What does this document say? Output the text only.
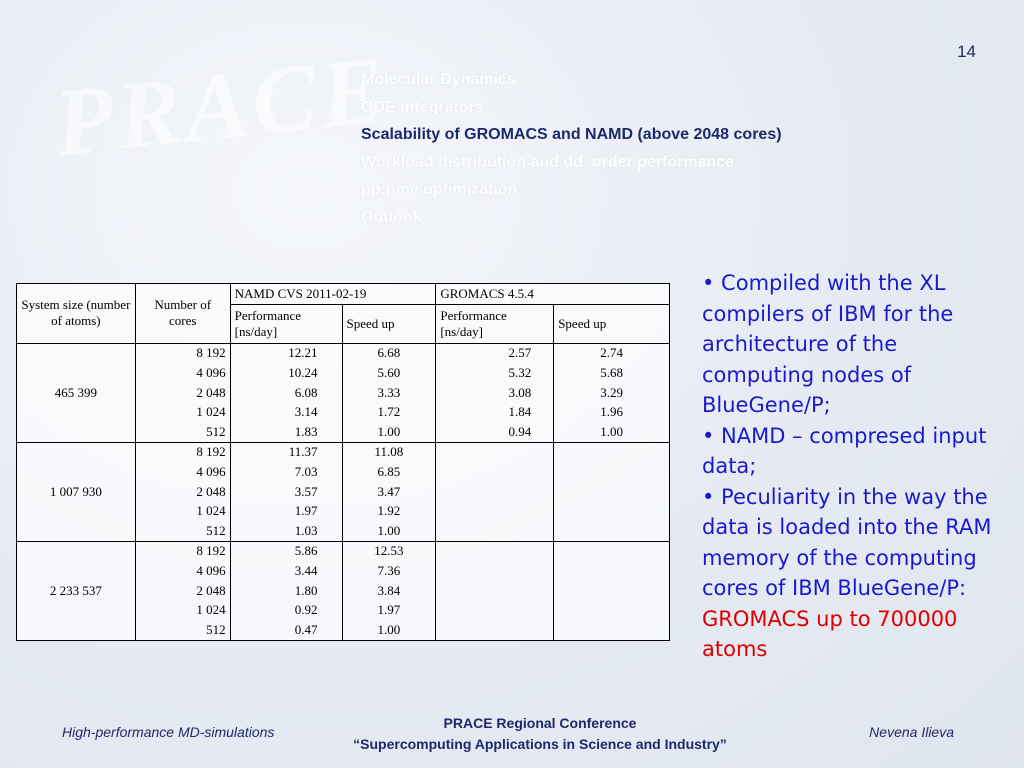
PRACE	14
Molecular Dynamics
ODE Integrators
Scalability of GROMACS and NAMD (above 2048 cores)
Workload distribution and dd_order performance
pp:pme optimization
Outlook
System size (number of atoms)	Number of cores	NAMD CVS 2011-02-19		GROMACS 4.5.4	
		Performance [ns/day]	Speed up	Performance [ns/day]	Speed up
465 399	8 192	12.21	6.68	2.57	2.74
	4 096	10.24	5.60	5.32	5.68
	2 048	6.08	3.33	3.08	3.29
	1 024	3.14	1.72	1.84	1.96
	512	1.83	1.00	0.94	1.00
1 007 930	8 192	11.37	11.08		
	4 096	7.03	6.85		
	2 048	3.57	3.47		
	1 024	1.97	1.92		
	512	1.03	1.00		
2 233 537	8 192	5.86	12.53		
	4 096	3.44	7.36		
	2 048	1.80	3.84		
	1 024	0.92	1.97		
	512	0.47	1.00		

• Compiled with the XL compilers of IBM for the architecture of the computing nodes of BlueGene/P;

• NAMD – compresed input data;

• Peculiarity in the way the data is loaded into the RAM memory of the computing cores of IBM BlueGene/P: GROMACS up to 700000 atoms

High-performance MD-simulations
PRACE Regional Conference
“Supercomputing Applications in Science and Industry”
Nevena Ilieva
